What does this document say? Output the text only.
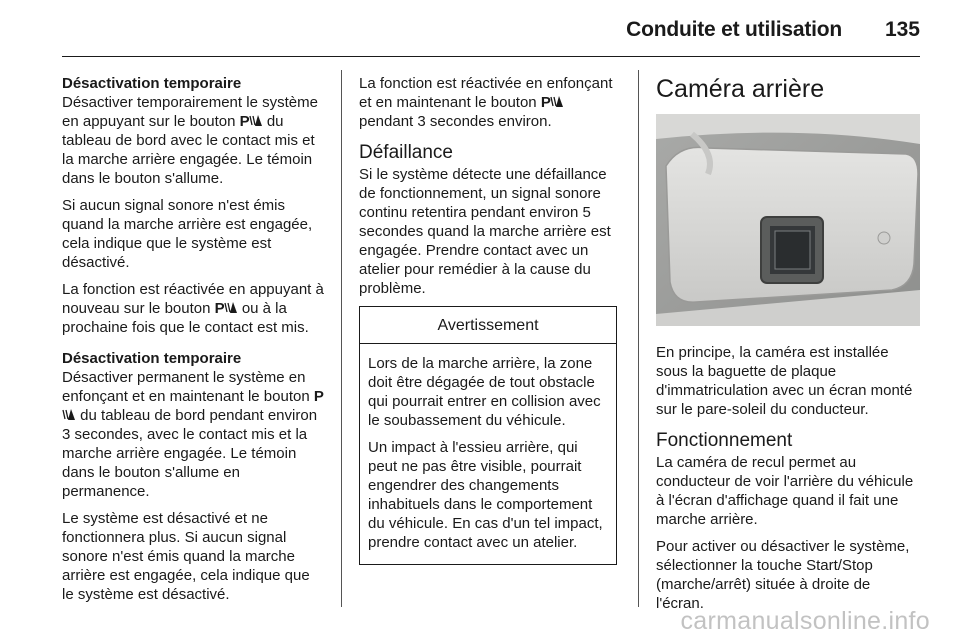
Conduite et utilisation 135

Désactivation temporaire

Désactiver temporairement le système en appuyant sur le bouton P du tableau de bord avec le contact mis et la marche arrière engagée. Le témoin dans le bouton s'allume.

Si aucun signal sonore n'est émis quand la marche arrière est engagée, cela indique que le système est désactivé.

La fonction est réactivée en appuyant à nouveau sur le bouton P ou à la prochaine fois que le contact est mis.

Désactivation temporaire

Désactiver permanent le système en enfonçant et en maintenant le bouton P du tableau de bord pendant environ 3 secondes, avec le contact mis et la marche arrière engagée. Le témoin dans le bouton s'allume en permanence.

Le système est désactivé et ne fonctionnera plus. Si aucun signal sonore n'est émis quand la marche arrière est engagée, cela indique que le système est désactivé.

La fonction est réactivée en enfonçant et en maintenant le bouton P pendant 3 secondes environ.

Défaillance

Si le système détecte une défaillance de fonctionnement, un signal sonore continu retentira pendant environ 5 secondes quand la marche arrière est engagée. Prendre contact avec un atelier pour remédier à la cause du problème.

Avertissement

Lors de la marche arrière, la zone doit être dégagée de tout obstacle qui pourrait entrer en collision avec le soubassement du véhicule.

Un impact à l'essieu arrière, qui peut ne pas être visible, pourrait engendrer des changements inhabituels dans le comportement du véhicule. En cas d'un tel impact, prendre contact avec un atelier.

Caméra arrière

En principe, la caméra est installée sous la baguette de plaque d'immatriculation avec un écran monté sur le pare-soleil du conducteur.

Fonctionnement

La caméra de recul permet au conducteur de voir l'arrière du véhicule à l'écran d'affichage quand il fait une marche arrière.

Pour activer ou désactiver le système, sélectionner la touche Start/Stop (marche/arrêt) située à droite de l'écran.

carmanualsonline.info
